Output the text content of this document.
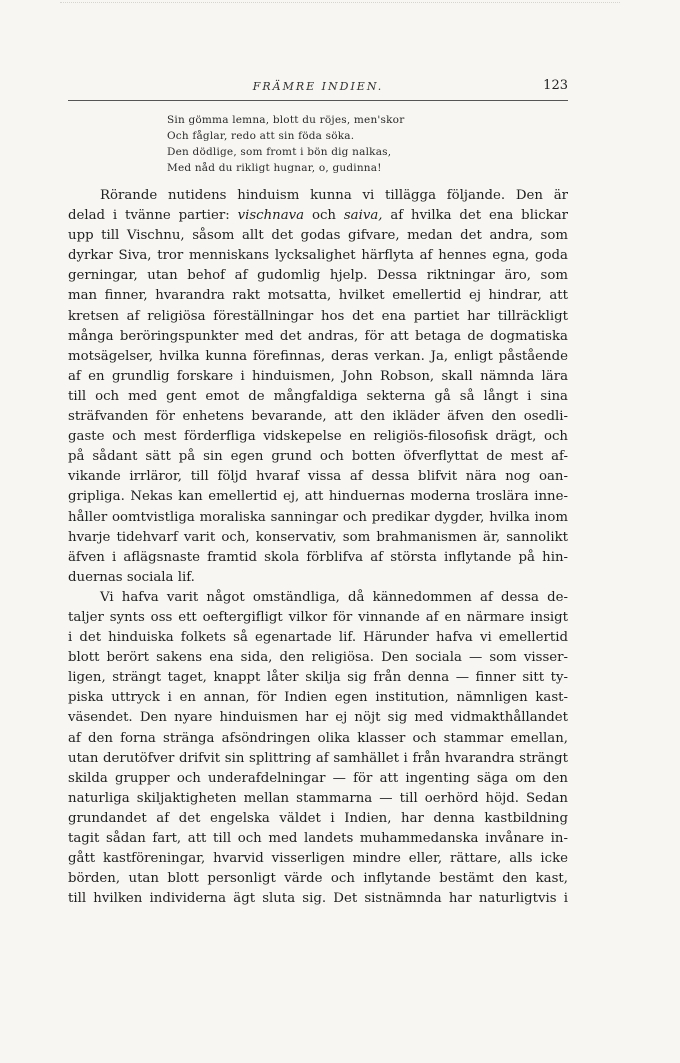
FRÄMRE INDIEN.	123
Sin gömma lemna, blott du röjes, men'skor
Och fåglar, redo att sin föda söka.
Den dödlige, som fromt i bön dig nalkas,
Med nåd du rikligt hugnar, o, gudinna!
Rörande nutidens hinduism kunna vi tillägga följande. Den är
delad i tvänne partier: vischnava och saiva, af hvilka det ena blickar
upp till Vischnu, såsom allt det godas gifvare, medan det andra, som
dyrkar Siva, tror menniskans lycksalighet härflyta af hennes egna, goda
gerningar, utan behof af gudomlig hjelp. Dessa riktningar äro, som
man finner, hvarandra rakt motsatta, hvilket emellertid ej hindrar, att
kretsen af religiösa föreställningar hos det ena partiet har tillräckligt
många beröringspunkter med det andras, för att betaga de dogmatiska
motsägelser, hvilka kunna förefinnas, deras verkan. Ja, enligt påstående
af en grundlig forskare i hinduismen, John Robson, skall nämnda lära
till och med gent emot de mångfaldiga sekterna gå så långt i sina
sträfvanden för enhetens bevarande, att den ikläder äfven den osedli-
gaste och mest förderfliga vidskepelse en religiös-filosofisk drägt, och
på sådant sätt på sin egen grund och botten öfverflyttat de mest af-
vikande irrläror, till följd hvaraf vissa af dessa blifvit nära nog oan-
gripliga. Nekas kan emellertid ej, att hinduernas moderna troslära inne-
håller oomtvistliga moraliska sanningar och predikar dygder, hvilka inom
hvarje tidehvarf varit och, konservativ, som brahmanismen är, sannolikt
äfven i aflägsnaste framtid skola förblifva af största inflytande på hin-
duernas sociala lif.
Vi hafva varit något omständliga, då kännedommen af dessa de-
taljer synts oss ett oeftergifligt vilkor för vinnande af en närmare insigt
i det hinduiska folkets så egenartade lif. Härunder hafva vi emellertid
blott berört sakens ena sida, den religiösa. Den sociala — som visser-
ligen, strängt taget, knappt låter skilja sig från denna — finner sitt ty-
piska uttryck i en annan, för Indien egen institution, nämnligen kast-
väsendet. Den nyare hinduismen har ej nöjt sig med vidmakthållandet
af den forna stränga afsöndringen olika klasser och stammar emellan,
utan derutöfver drifvit sin splittring af samhället i från hvarandra strängt
skilda grupper och underafdelningar — för att ingenting säga om den
naturliga skiljaktigheten mellan stammarna — till oerhörd höjd. Sedan
grundandet af det engelska väldet i Indien, har denna kastbildning
tagit sådan fart, att till och med landets muhammedanska invånare in-
gått kastföreningar, hvarvid visserligen mindre eller, rättare, alls icke
börden, utan blott personligt värde och inflytande bestämt den kast,
till hvilken individerna ägt sluta sig. Det sistnämnda har naturligtvis i
